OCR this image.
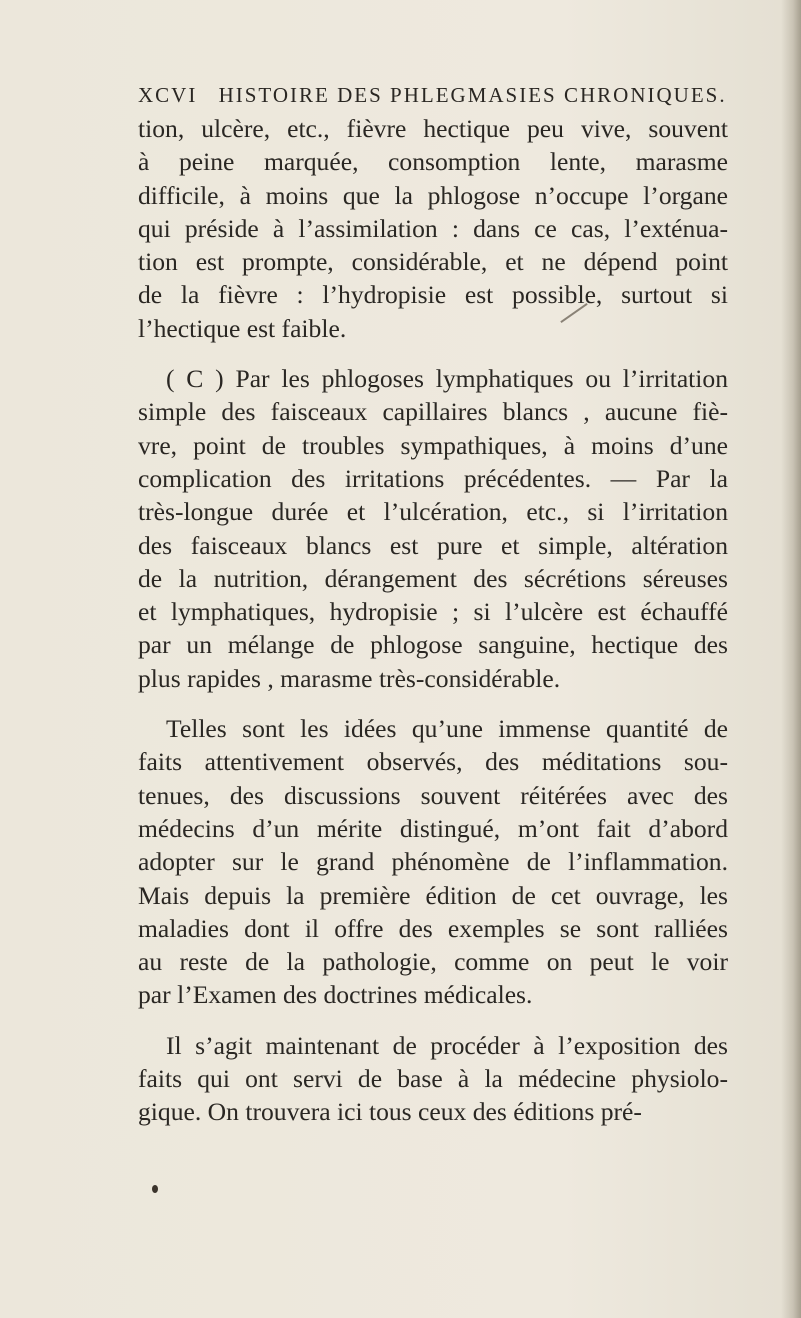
XCVI HISTOIRE DES PHLEGMASIES CHRONIQUES.
tion, ulcère, etc., fièvre hectique peu vive, souvent
à peine marquée, consomption lente, marasme
difficile, à moins que la phlogose n’occupe l’organe
qui préside à l’assimilation : dans ce cas, l’exténua-
tion est prompte, considérable, et ne dépend point
de la fièvre : l’hydropisie est possible, surtout si
l’hectique est faible.
( C ) Par les phlogoses lymphatiques ou l’irritation
simple des faisceaux capillaires blancs , aucune fiè-
vre, point de troubles sympathiques, à moins d’une
complication des irritations précédentes. — Par la
très-longue durée et l’ulcération, etc., si l’irritation
des faisceaux blancs est pure et simple, altération
de la nutrition, dérangement des sécrétions séreuses
et lymphatiques, hydropisie ; si l’ulcère est échauffé
par un mélange de phlogose sanguine, hectique des
plus rapides , marasme très-considérable.
Telles sont les idées qu’une immense quantité de
faits attentivement observés, des méditations sou-
tenues, des discussions souvent réitérées avec des
médecins d’un mérite distingué, m’ont fait d’abord
adopter sur le grand phénomène de l’inflammation.
Mais depuis la première édition de cet ouvrage, les
maladies dont il offre des exemples se sont ralliées
au reste de la pathologie, comme on peut le voir
par l’Examen des doctrines médicales.
Il s’agit maintenant de procéder à l’exposition des
faits qui ont servi de base à la médecine physiolo-
gique. On trouvera ici tous ceux des éditions pré-
